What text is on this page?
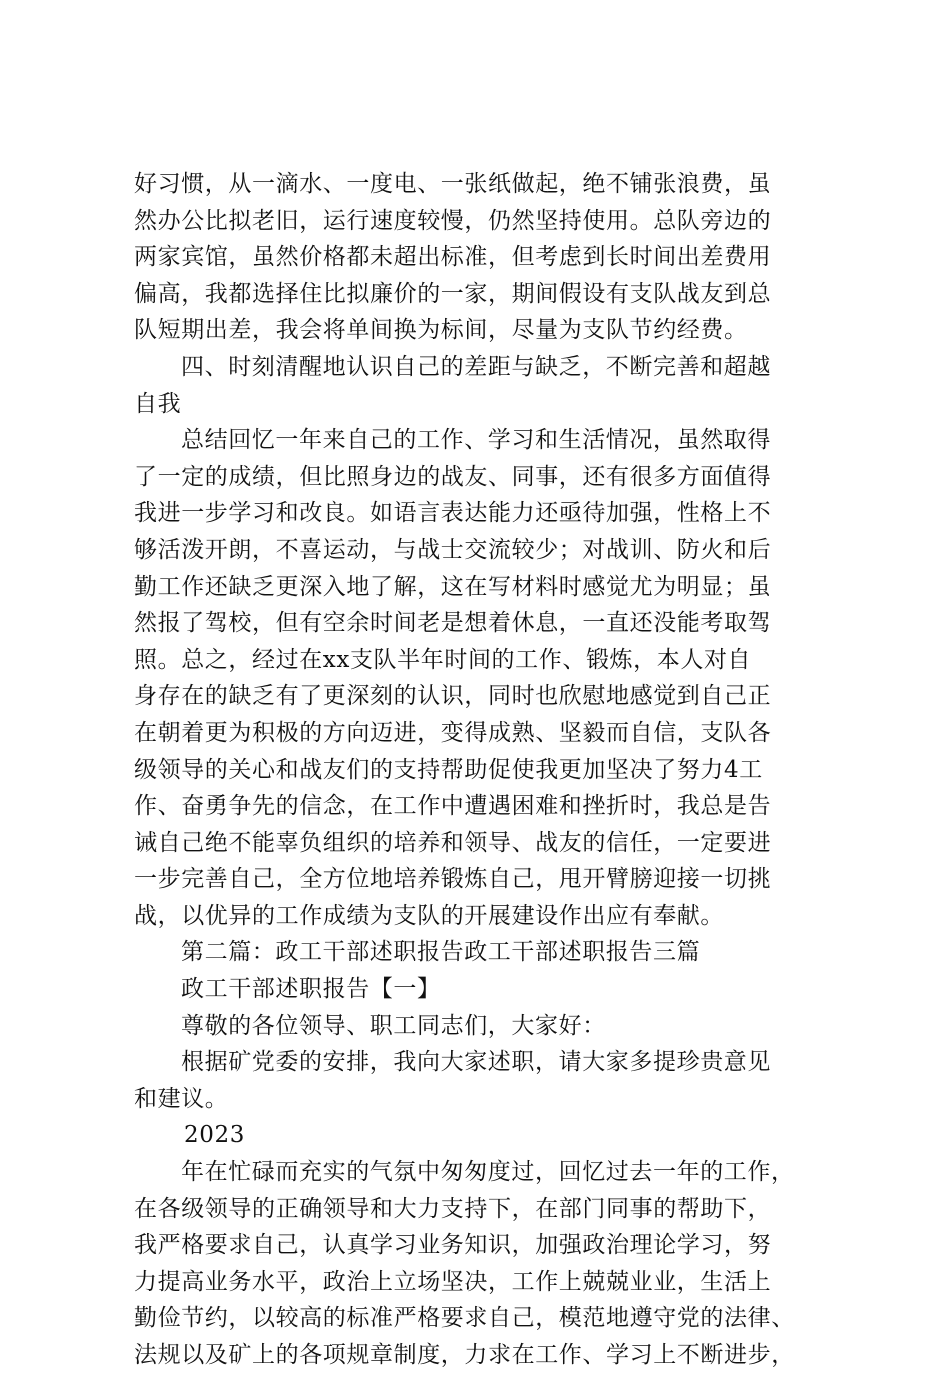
好习惯，从一滴水、一度电、一张纸做起，绝不铺张浪费，虽
然办公比拟老旧，运行速度较慢，仍然坚持使用。总队旁边的
两家宾馆，虽然价格都未超出标准，但考虑到长时间出差费用
偏高，我都选择住比拟廉价的一家，期间假设有支队战友到总
队短期出差，我会将单间换为标间，尽量为支队节约经费。
四、时刻清醒地认识自己的差距与缺乏，不断完善和超越
自我
总结回忆一年来自己的工作、学习和生活情况，虽然取得
了一定的成绩，但比照身边的战友、同事，还有很多方面值得
我进一步学习和改良。如语言表达能力还亟待加强，性格上不
够活泼开朗，不喜运动，与战士交流较少；对战训、防火和后
勤工作还缺乏更深入地了解，这在写材料时感觉尤为明显；虽
然报了驾校，但有空余时间老是想着休息，一直还没能考取驾
照。总之，经过在xx支队半年时间的工作、锻炼，本人对自
身存在的缺乏有了更深刻的认识，同时也欣慰地感觉到自己正
在朝着更为积极的方向迈进，变得成熟、坚毅而自信，支队各
级领导的关心和战友们的支持帮助促使我更加坚决了努力4工
作、奋勇争先的信念，在工作中遭遇困难和挫折时，我总是告
诫自己绝不能辜负组织的培养和领导、战友的信任，一定要进
一步完善自己，全方位地培养锻炼自己，甩开臂膀迎接一切挑
战，以优异的工作成绩为支队的开展建设作出应有奉献。
第二篇：政工干部述职报告政工干部述职报告三篇
政工干部述职报告【一】
尊敬的各位领导、职工同志们，大家好：
根据矿党委的安排，我向大家述职，请大家多提珍贵意见
和建议。
2023
年在忙碌而充实的气氛中匆匆度过，回忆过去一年的工作，
在各级领导的正确领导和大力支持下，在部门同事的帮助下，
我严格要求自己，认真学习业务知识，加强政治理论学习，努
力提高业务水平，政治上立场坚决，工作上兢兢业业，生活上
勤俭节约，以较高的标准严格要求自己，模范地遵守党的法律、
法规以及矿上的各项规章制度，力求在工作、学习上不断进步，
